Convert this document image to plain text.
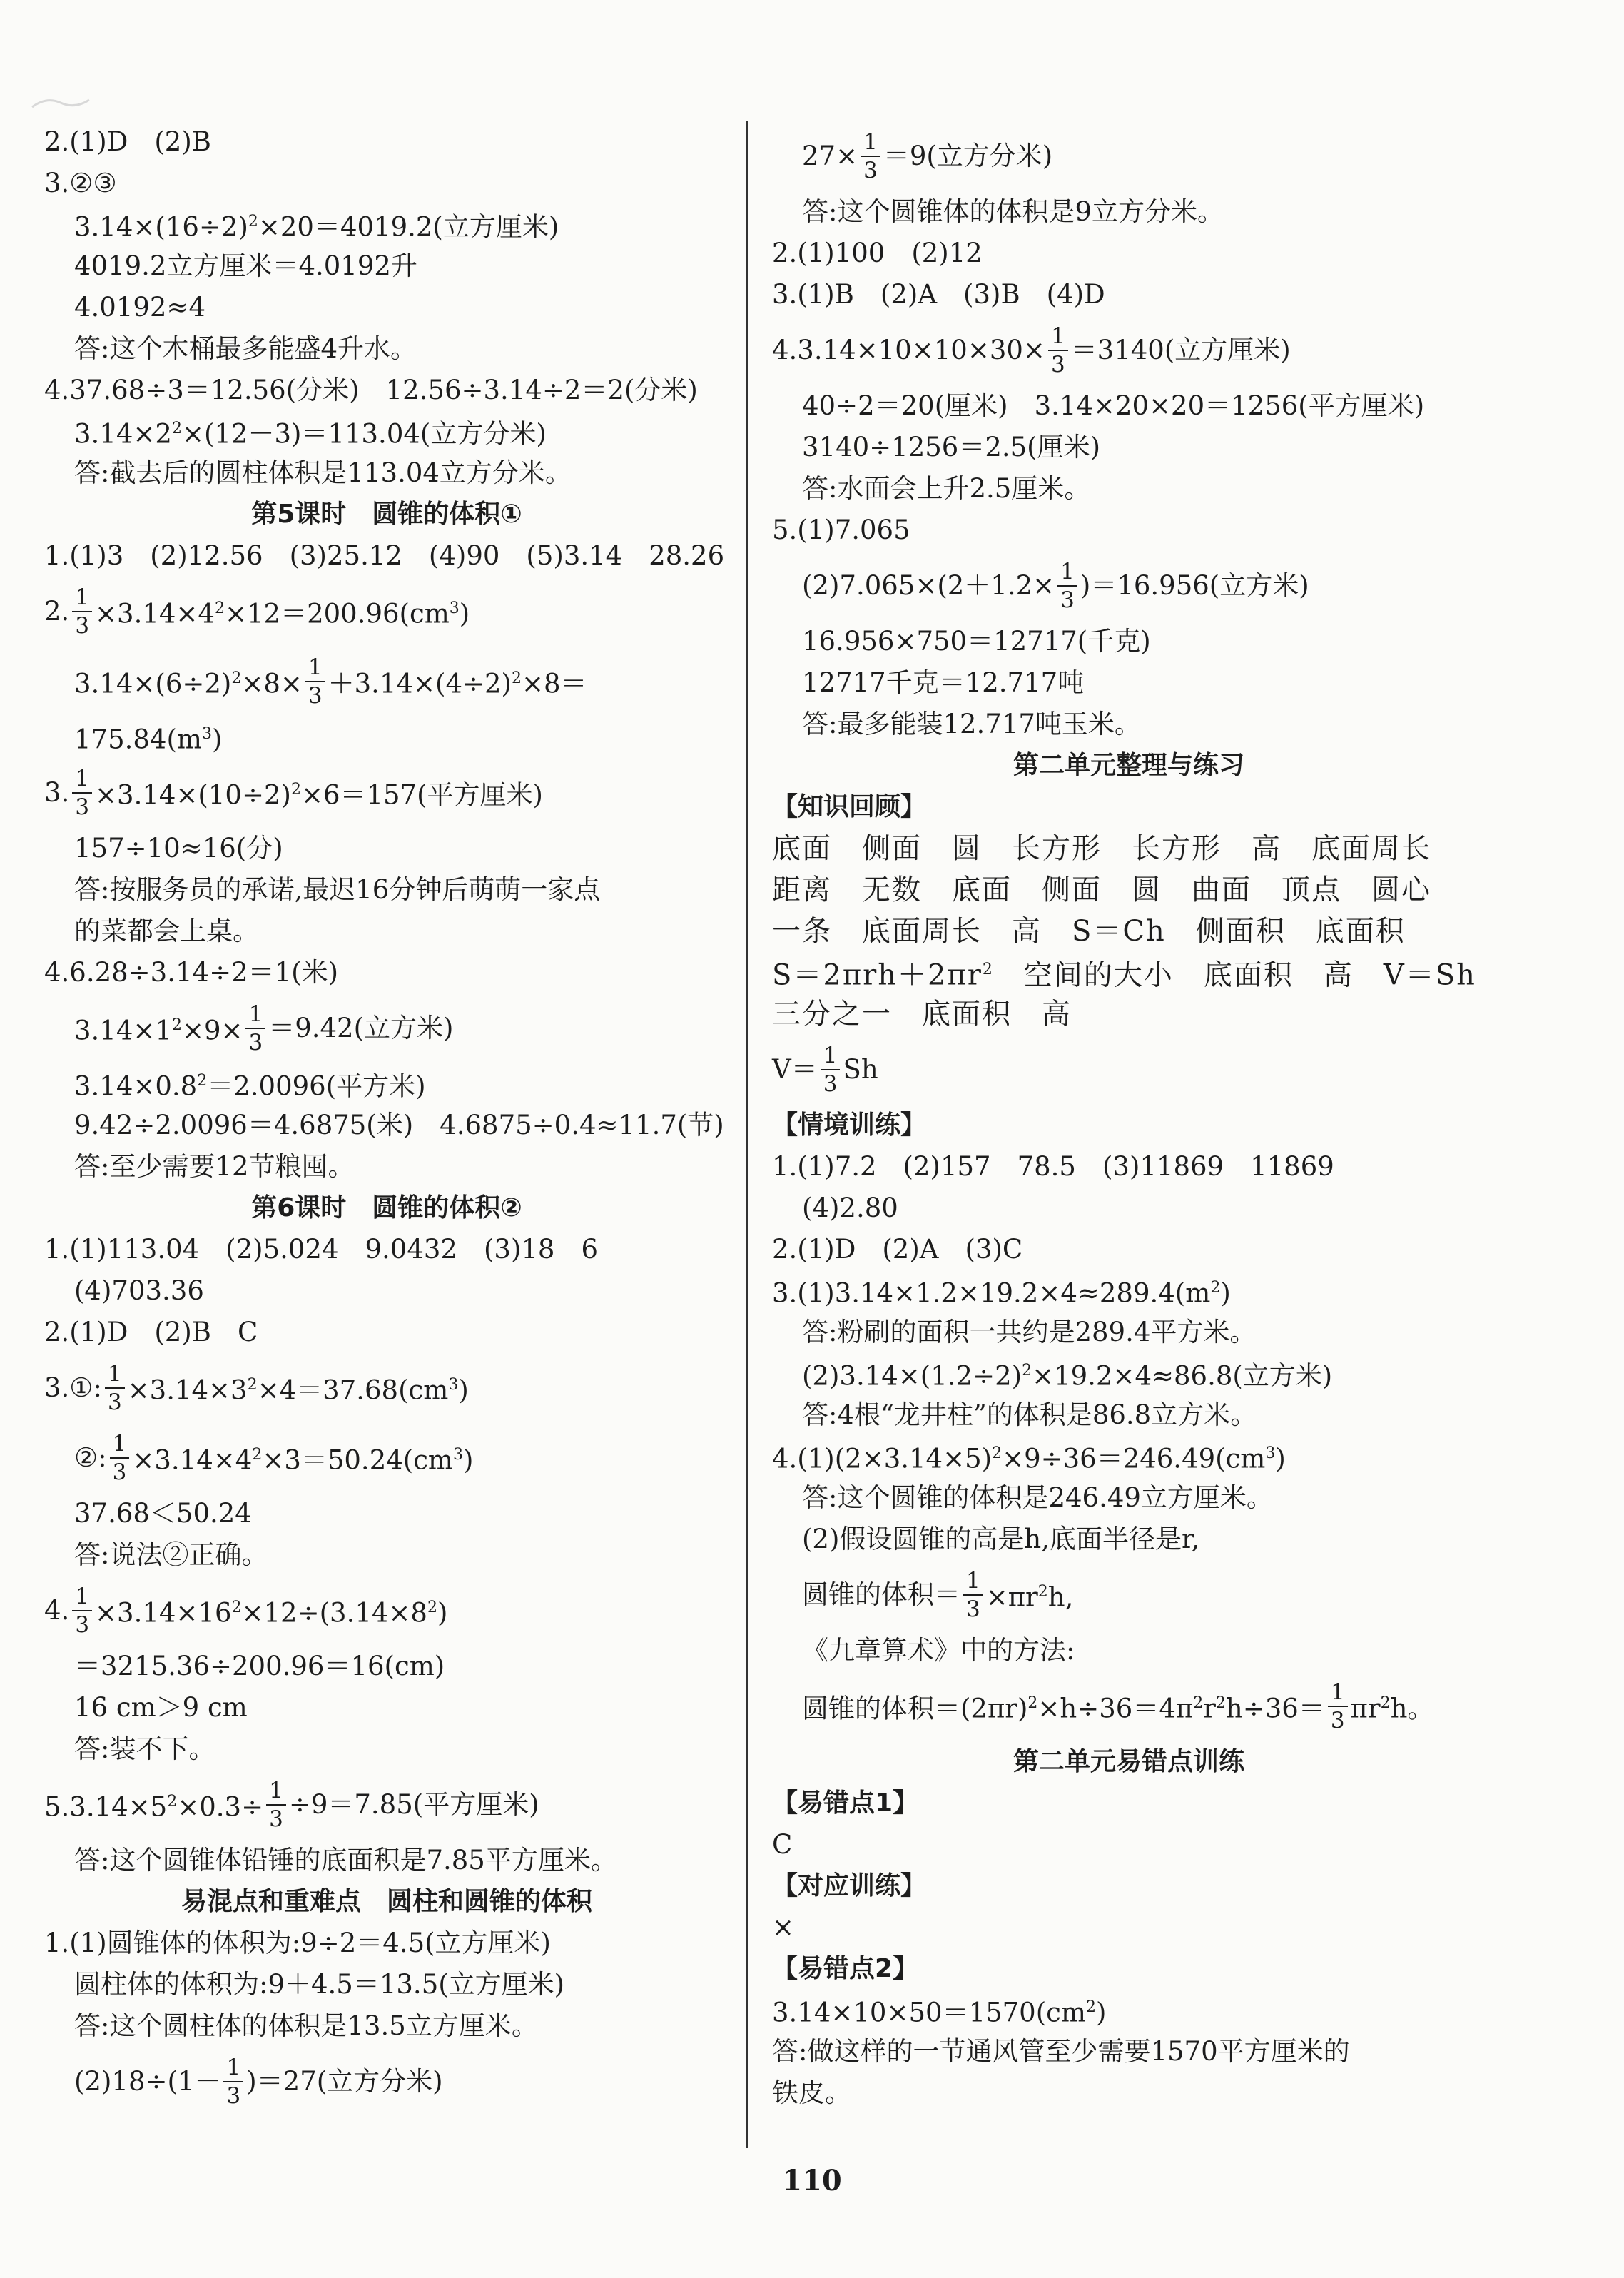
2.(1)D　(2)B
3.②③
$3.14\times(16\div 2)^2\times 20=4019.2$(立方厘米)
4019.2立方厘米＝4.0192升
4.0192≈4
答:这个木桶最多能盛4升水。
4.37.68÷3＝12.56(分米)　12.56÷3.14÷2＝2(分米)
$3.14\times 2^2\times(12-3)=113.04$(立方分米)
答:截去后的圆柱体积是113.04立方分米。
第5课时　圆锥的体积①
1.(1)3　(2)12.56　(3)25.12　(4)90　(5)3.14　28.26
2. $\frac{1}{3} \times 3.14\times 4^2\times 12=200.96(cm^3)$
$3.14\times(6\div 2)^2\times 8\times \frac{1}{3} +3.14\times(4\div 2)^2\times 8=$
$175.84(m^3)$
3. $\frac{1}{3} \times 3.14\times(10\div 2)^2\times 6=157$(平方厘米)
157÷10≈16(分)
答:按服务员的承诺,最迟16分钟后萌萌一家点
的菜都会上桌。
4.6.28÷3.14÷2＝1(米)
$3.14\times 1^2\times 9\times \frac{1}{3} =9.42$(立方米)
$3.14\times 0.8^2=2.0096$(平方米)
9.42÷2.0096＝4.6875(米)　4.6875÷0.4≈11.7(节)
答:至少需要12节粮囤。
第6课时　圆锥的体积②
1.(1)113.04　(2)5.024　9.0432　(3)18　6
(4)703.36
2.(1)D　(2)B　C
3.①: $\frac{1}{3} \times 3.14\times 3^2\times 4=37.68(cm^3)$
②: $\frac{1}{3} \times 3.14\times 4^2\times 3=50.24(cm^3)$
37.68＜50.24
答:说法②正确。
4. $\frac{1}{3} \times 3.14\times 16^2\times 12\div(3.14\times 8^2)$
＝3215.36÷200.96＝16(cm)
16 cm＞9 cm
答:装不下。
$5.3.14\times 5^2\times 0.3\div \frac{1}{3} \div 9=7.85$(平方厘米)
答:这个圆锥体铅锤的底面积是7.85平方厘米。
易混点和重难点　圆柱和圆锥的体积
1.(1)圆锥体的体积为:9÷2＝4.5(立方厘米)
圆柱体的体积为:9＋4.5＝13.5(立方厘米)
答:这个圆柱体的体积是13.5立方厘米。
$(2)18\div(1- \frac{1}{3} )=27$(立方分米)
$27\times \frac{1}{3} =9$(立方分米)
答:这个圆锥体的体积是9立方分米。
2.(1)100　(2)12
3.(1)B　(2)A　(3)B　(4)D
$4.3.14\times 10\times 10\times 30\times \frac{1}{3} =3140$(立方厘米)
40÷2＝20(厘米)　3.14×20×20＝1256(平方厘米)
3140÷1256＝2.5(厘米)
答:水面会上升2.5厘米。
5.(1)7.065
$(2)7.065\times(2+1.2\times \frac{1}{3} )=16.956$(立方米)
16.956×750＝12717(千克)
12717千克＝12.717吨
答:最多能装12.717吨玉米。
第二单元整理与练习
【知识回顾】
底面　侧面　圆　长方形　长方形　高　底面周长
距离　无数　底面　侧面　圆　曲面　顶点　圆心
一条　底面周长　高　S＝Ch　侧面积　底面积
$S=2\pi rh+2\pi r^2$　空间的大小　底面积　高　V＝Sh
三分之一　底面积　高
$V= \frac{1}{3}$ Sh
【情境训练】
1.(1)7.2　(2)157　78.5　(3)11869　11869
(4)2.80
2.(1)D　(2)A　(3)C
$3.(1)3.14\times 1.2\times 19.2\times 4\approx 289.4(m^2)$
答:粉刷的面积一共约是289.4平方米。
$(2)3.14\times(1.2\div 2)^2\times 19.2\times 4\approx 86.8$(立方米)
答:4根“龙井柱”的体积是86.8立方米。
$4.(1)(2\times 3.14\times 5)^2\times 9\div 36=246.49(cm^3)$
答:这个圆锥的体积是246.49立方厘米。
(2)假设圆锥的高是h,底面半径是r,
圆锥的体积＝ $\frac{1}{3} \times\pi r^2h$,
《九章算术》中的方法:
圆锥的体积$=(2\pi r)^2\times h\div 36=4\pi^2r^2h\div 36= \frac{1}{3} \pi r^2h$。
第二单元易错点训练
【易错点1】
C
【对应训练】
×
【易错点2】
$3.14\times 10\times 50=1570(cm^2)$
答:做这样的一节通风管至少需要1570平方厘米的
铁皮。
110
